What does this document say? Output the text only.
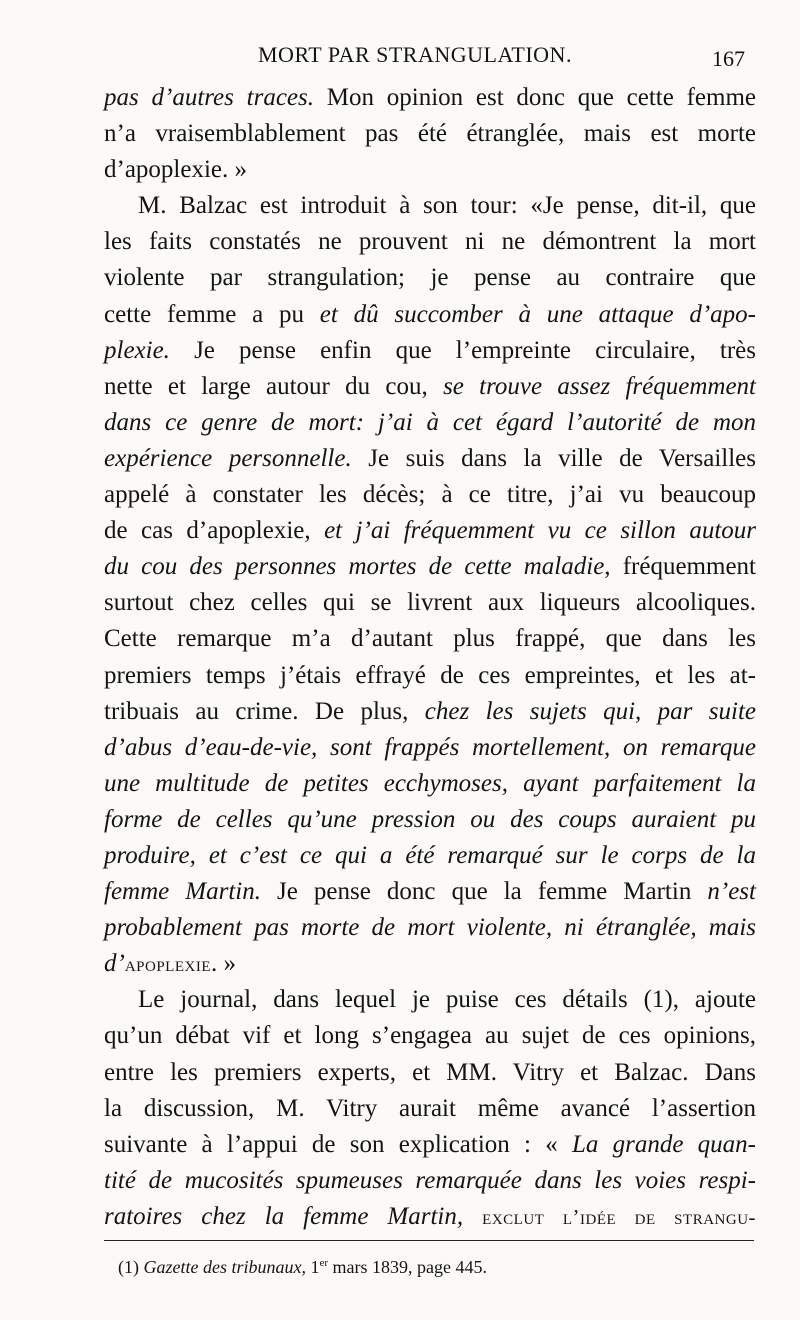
MORT PAR STRANGULATION.	167
pas d’autres traces. Mon opinion est donc que cette femme
n’a vraisemblablement pas été étranglée, mais est morte
d’apoplexie. »
M. Balzac est introduit à son tour: «Je pense, dit-il, que
les faits constatés ne prouvent ni ne démontrent la mort
violente par strangulation; je pense au contraire que
cette femme a pu et dû succomber à une attaque d’apo-
plexie. Je pense enfin que l’empreinte circulaire, très
nette et large autour du cou, se trouve assez fréquemment
dans ce genre de mort: j’ai à cet égard l’autorité de mon
expérience personnelle. Je suis dans la ville de Versailles
appelé à constater les décès; à ce titre, j’ai vu beaucoup
de cas d’apoplexie, et j’ai fréquemment vu ce sillon autour
du cou des personnes mortes de cette maladie, fréquemment
surtout chez celles qui se livrent aux liqueurs alcooliques.
Cette remarque m’a d’autant plus frappé, que dans les
premiers temps j’étais effrayé de ces empreintes, et les at-
tribuais au crime. De plus, chez les sujets qui, par suite
d’abus d’eau-de-vie, sont frappés mortellement, on remarque
une multitude de petites ecchymoses, ayant parfaitement la
forme de celles qu’une pression ou des coups auraient pu
produire, et c’est ce qui a été remarqué sur le corps de la
femme Martin. Je pense donc que la femme Martin n’est
probablement pas morte de mort violente, ni étranglée, mais
d’apoplexie. »
Le journal, dans lequel je puise ces détails (1), ajoute
qu’un débat vif et long s’engagea au sujet de ces opinions,
entre les premiers experts, et MM. Vitry et Balzac. Dans
la discussion, M. Vitry aurait même avancé l’assertion
suivante à l’appui de son explication : « La grande quan-
tité de mucosités spumeuses remarquée dans les voies respi-
ratoires chez la femme Martin, exclut l’idée de strangu-
(1) Gazette des tribunaux, 1er mars 1839, page 445.
